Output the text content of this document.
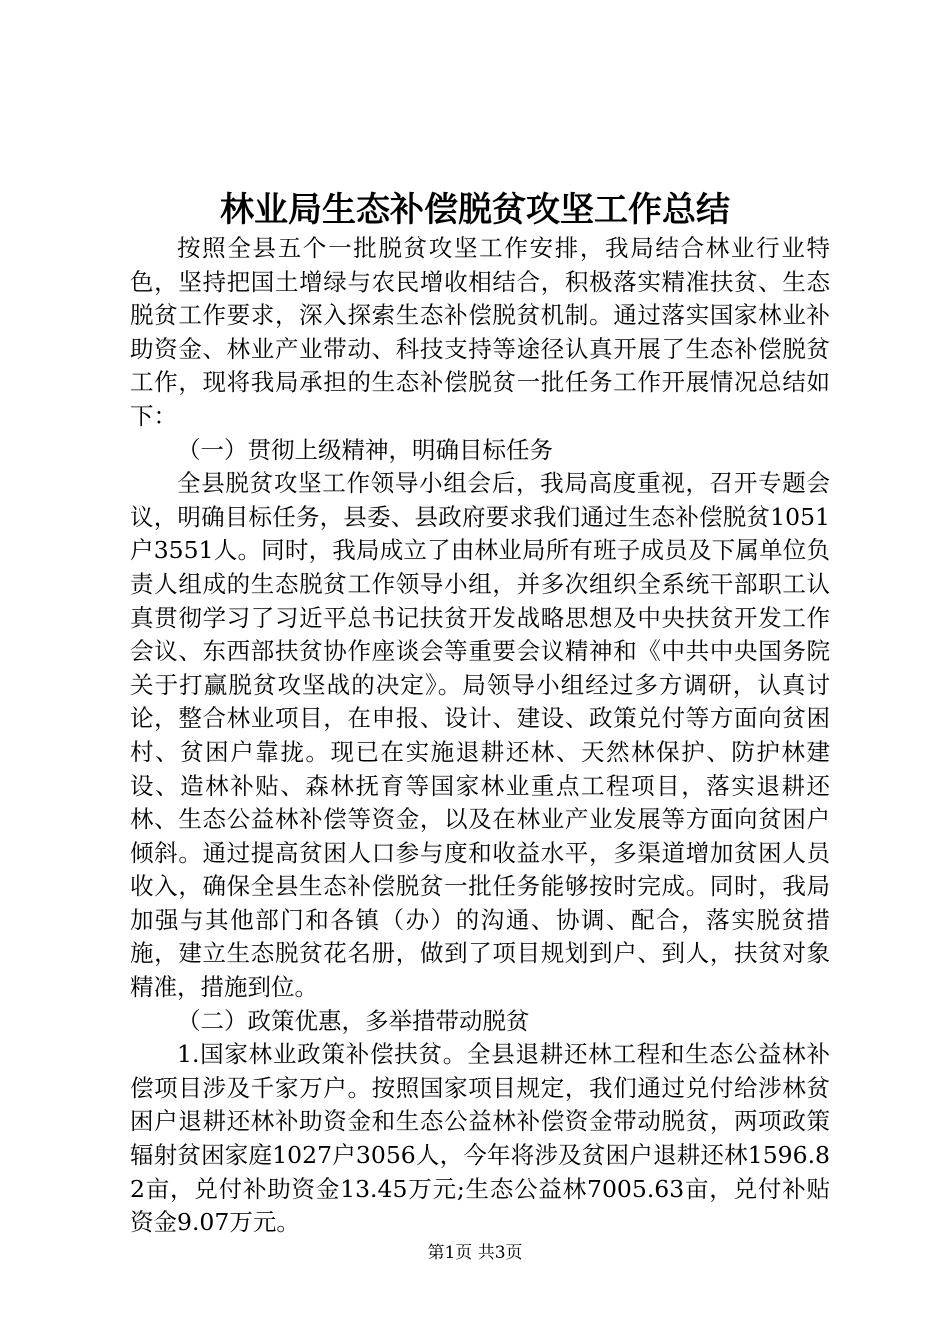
林业局生态补偿脱贫攻坚工作总结

按照全县五个一批脱贫攻坚工作安排，我局结合林业行业特色，坚持把国土增绿与农民增收相结合，积极落实精准扶贫、生态脱贫工作要求，深入探索生态补偿脱贫机制。通过落实国家林业补助资金、林业产业带动、科技支持等途径认真开展了生态补偿脱贫工作，现将我局承担的生态补偿脱贫一批任务工作开展情况总结如下：

（一）贯彻上级精神，明确目标任务

全县脱贫攻坚工作领导小组会后，我局高度重视，召开专题会议，明确目标任务，县委、县政府要求我们通过生态补偿脱贫1051户3551人。同时，我局成立了由林业局所有班子成员及下属单位负责人组成的生态脱贫工作领导小组，并多次组织全系统干部职工认真贯彻学习了习近平总书记扶贫开发战略思想及中央扶贫开发工作会议、东西部扶贫协作座谈会等重要会议精神和《中共中央国务院关于打赢脱贫攻坚战的决定》。局领导小组经过多方调研，认真讨论，整合林业项目，在申报、设计、建设、政策兑付等方面向贫困村、贫困户靠拢。现已在实施退耕还林、天然林保护、防护林建设、造林补贴、森林抚育等国家林业重点工程项目，落实退耕还林、生态公益林补偿等资金，以及在林业产业发展等方面向贫困户倾斜。通过提高贫困人口参与度和收益水平，多渠道增加贫困人员收入，确保全县生态补偿脱贫一批任务能够按时完成。同时，我局加强与其他部门和各镇（办）的沟通、协调、配合，落实脱贫措施，建立生态脱贫花名册，做到了项目规划到户、到人，扶贫对象精准，措施到位。

（二）政策优惠，多举措带动脱贫

1.国家林业政策补偿扶贫。全县退耕还林工程和生态公益林补偿项目涉及千家万户。按照国家项目规定，我们通过兑付给涉林贫困户退耕还林补助资金和生态公益林补偿资金带动脱贫，两项政策辐射贫困家庭1027户3056人，今年将涉及贫困户退耕还林1596.82亩，兑付补助资金13.45万元;生态公益林7005.63亩，兑付补贴资金9.07万元。

第1页 共3页
